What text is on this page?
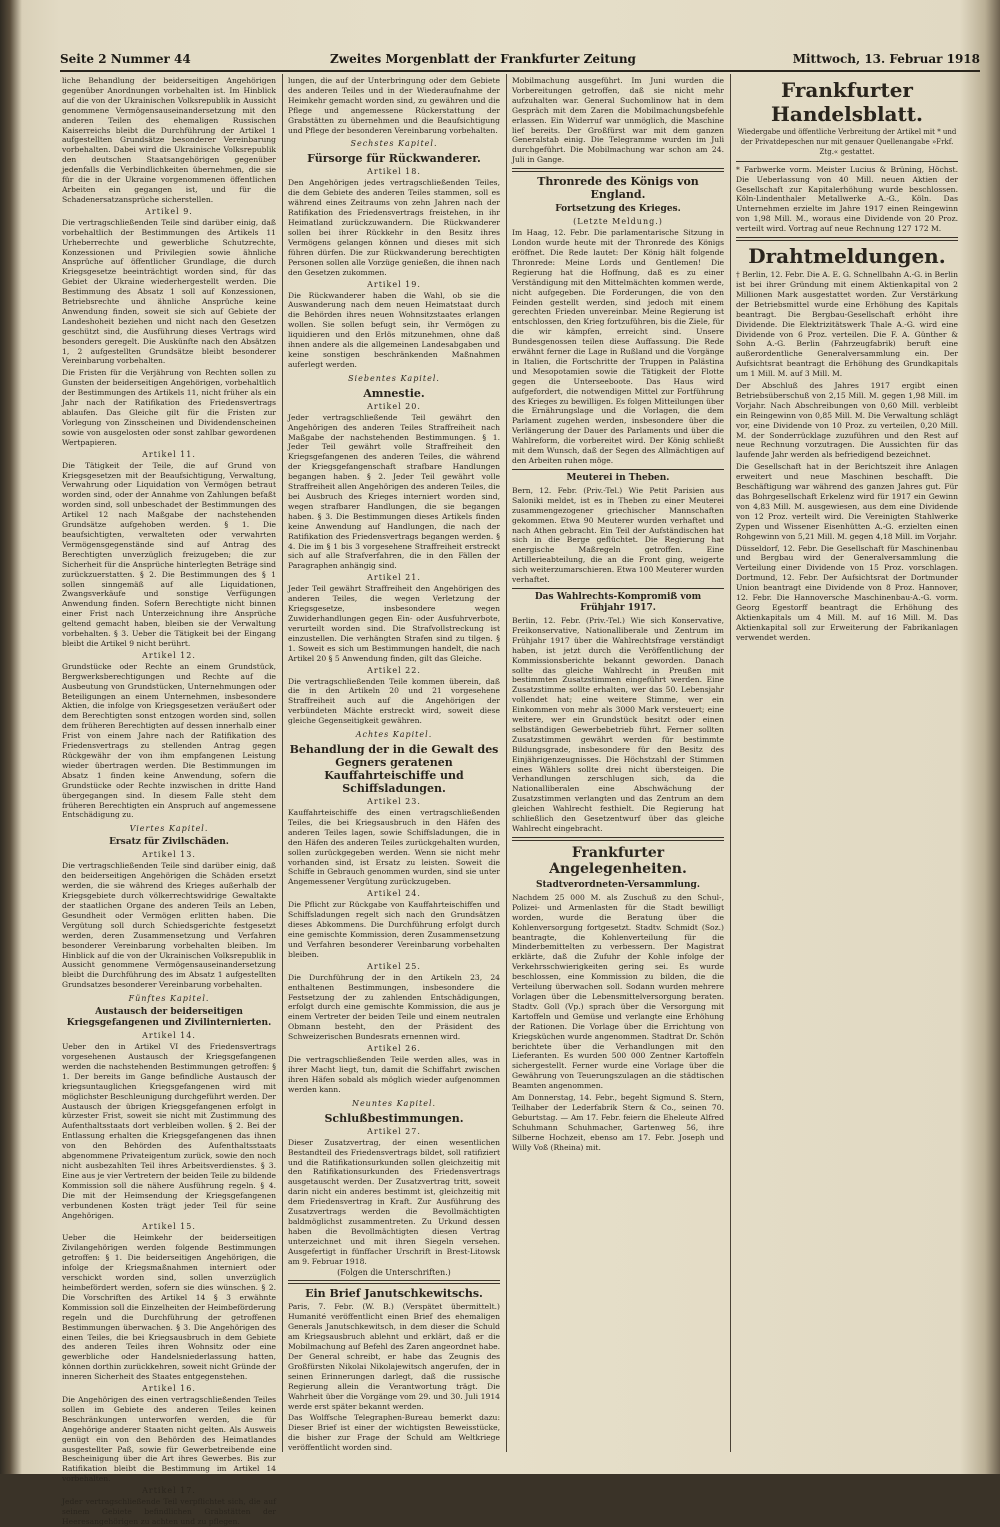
Seite 2 Nummer 44	Zweites Morgenblatt der Frankfurter Zeitung	Mittwoch, 13. Februar 1918

liche Behandlung der beiderseitigen Angehörigen gegenüber Anordnungen vorbehalten ist. Im Hinblick auf die von der Ukrainischen Volksrepublik in Aussicht genommene Vermögensauseinandersetzung mit den anderen Teilen des ehemaligen Russischen Kaiserreichs bleibt die Durchführung der Artikel 1 aufgestellten Grundsätze besonderer Vereinbarung vorbehalten. Dabei wird die Ukrainische Volksrepublik den deutschen Staatsangehörigen gegenüber jedenfalls die Verbindlichkeiten übernehmen, die sie für die in der Ukraine vorgenommenen öffentlichen Arbeiten ein gegangen ist, und für die Schadenersatzansprüche sicherstellen.

Artikel 9.

Die vertragschließenden Teile sind darüber einig, daß vorbehaltlich der Bestimmungen des Artikels 11 Urheberrechte und gewerbliche Schutzrechte, Konzessionen und Privilegien sowie ähnliche Ansprüche auf öffentlicher Grundlage, die durch Kriegsgesetze beeinträchtigt worden sind, für das Gebiet der Ukraine wiederhergestellt werden. Die Bestimmung des Absatz 1 soll auf Konzessionen, Betriebsrechte und ähnliche Ansprüche keine Anwendung finden, soweit sie sich auf Gebiete der Landeshoheit beziehen und nicht nach den Gesetzen geschützt sind, die Ausführung dieses Vertrags wird besonders geregelt. Die Auskünfte nach den Absätzen 1, 2 aufgestellten Grundsätze bleibt besonderer Vereinbarung vorbehalten.

Die Fristen für die Verjährung von Rechten sollen zu Gunsten der beiderseitigen Angehörigen, vorbehaltlich der Bestimmungen des Artikels 11, nicht früher als ein Jahr nach der Ratifikation des Friedensvertrags ablaufen. Das Gleiche gilt für die Fristen zur Vorlegung von Zinsscheinen und Dividendenscheinen sowie von ausgelosten oder sonst zahlbar gewordenen Wertpapieren.

Artikel 11.

Die Tätigkeit der Teile, die auf Grund von Kriegsgesetzen mit der Beaufsichtigung, Verwaltung, Verwahrung oder Liquidation von Vermögen betraut worden sind, oder der Annahme von Zahlungen befaßt worden sind, soll unbeschadet der Bestimmungen des Artikel 12 nach Maßgabe der nachstehenden Grundsätze aufgehoben werden. § 1. Die beaufsichtigten, verwalteten oder verwahrten Vermögensgegenstände sind auf Antrag des Berechtigten unverzüglich freizugeben; die zur Sicherheit für die Ansprüche hinterlegten Beträge sind zurückzuerstatten. § 2. Die Bestimmungen des § 1 sollen sinngemäß auf alle Liquidationen, Zwangsverkäufe und sonstige Verfügungen Anwendung finden. Sofern Berechtigte nicht binnen einer Frist nach Unterzeichnung ihre Ansprüche geltend gemacht haben, bleiben sie der Verwaltung vorbehalten. § 3. Ueber die Tätigkeit bei der Eingang bleibt die Artikel 9 nicht berührt.

Artikel 12.

Grundstücke oder Rechte an einem Grundstück, Bergwerksberechtigungen und Rechte auf die Ausbeutung von Grundstücken, Unternehmungen oder Beteiligungen an einem Unternehmen, insbesondere Aktien, die infolge von Kriegsgesetzen veräußert oder dem Berechtigten sonst entzogen worden sind, sollen dem früheren Berechtigten auf dessen innerhalb einer Frist von einem Jahre nach der Ratifikation des Friedensvertrags zu stellenden Antrag gegen Rückgewähr der von ihm empfangenen Leistung wieder übertragen werden. Die Bestimmungen im Absatz 1 finden keine Anwendung, sofern die Grundstücke oder Rechte inzwischen in dritte Hand übergegangen sind. In diesem Falle steht dem früheren Berechtigten ein Anspruch auf angemessene Entschädigung zu.

Viertes Kapitel.
Ersatz für Zivilschäden.
Artikel 13.

Die vertragschließenden Teile sind darüber einig, daß den beiderseitigen Angehörigen die Schäden ersetzt werden, die sie während des Krieges außerhalb der Kriegsgebiete durch völkerrechtswidrige Gewaltakte der staatlichen Organe des anderen Teils an Leben, Gesundheit oder Vermögen erlitten haben. Die Vergütung soll durch Schiedsgerichte festgesetzt werden, deren Zusammensetzung und Verfahren besonderer Vereinbarung vorbehalten bleiben. Im Hinblick auf die von der Ukrainischen Volksrepublik in Aussicht genommene Vermögensauseinandersetzung bleibt die Durchführung des im Absatz 1 aufgestellten Grundsatzes besonderer Vereinbarung vorbehalten.

Fünftes Kapitel.
Austausch der beiderseitigen Kriegsgefangenen und Zivilinternierten.
Artikel 14.

Ueber den in Artikel VI des Friedensvertrags vorgesehenen Austausch der Kriegsgefangenen werden die nachstehenden Bestimmungen getroffen: § 1. Der bereits im Gange befindliche Austausch der kriegsuntauglichen Kriegsgefangenen wird mit möglichster Beschleunigung durchgeführt werden. Der Austausch der übrigen Kriegsgefangenen erfolgt in kürzester Frist, soweit sie nicht mit Zustimmung des Aufenthaltsstaats dort verbleiben wollen. § 2. Bei der Entlassung erhalten die Kriegsgefangenen das ihnen von den Behörden des Aufenthaltsstaats abgenommene Privateigentum zurück, sowie den noch nicht ausbezahlten Teil ihres Arbeitsverdienstes. § 3. Eine aus je vier Vertretern der beiden Teile zu bildende Kommission soll die nähere Ausführung regeln. § 4. Die mit der Heimsendung der Kriegsgefangenen verbundenen Kosten trägt jeder Teil für seine Angehörigen.

Artikel 15.

Ueber die Heimkehr der beiderseitigen Zivilangehörigen werden folgende Bestimmungen getroffen: § 1. Die beiderseitigen Angehörigen, die infolge der Kriegsmaßnahmen interniert oder verschickt worden sind, sollen unverzüglich heimbefördert werden, sofern sie dies wünschen. § 2. Die Vorschriften des Artikel 14 § 3 erwähnte Kommission soll die Einzelheiten der Heimbeförderung regeln und die Durchführung der getroffenen Bestimmungen überwachen. § 3. Die Angehörigen des einen Teiles, die bei Kriegsausbruch in dem Gebiete des anderen Teiles ihren Wohnsitz oder eine gewerbliche oder Handelsniederlassung hatten, können dorthin zurückkehren, soweit nicht Gründe der inneren Sicherheit des Staates entgegenstehen.

Artikel 16.

Die Angehörigen des einen vertragschließenden Teiles sollen im Gebiete des anderen Teiles keinen Beschränkungen unterworfen werden, die für Angehörige anderer Staaten nicht gelten. Als Ausweis genügt ein von den Behörden des Heimatlandes ausgestellter Paß, sowie für Gewerbetreibende eine Bescheinigung über die Art ihres Gewerbes. Bis zur Ratifikation bleibt die Bestimmung im Artikel 14 vorbehalten.

Artikel 17.

Jeder vertragschließende Teil verpflichtet sich, die auf seinem Gebiete befindlichen Grabstätten der Heeresangehörigen zu achten und zu pflegen.

lungen, die auf der Unterbringung oder dem Gebiete des anderen Teiles und in der Wiederaufnahme der Heimkehr gemacht worden sind, zu gewähren und die Pflege und angemessene Rückerstattung der Grabstätten zu übernehmen und die Beaufsichtigung und Pflege der besonderen Vereinbarung vorbehalten.

Sechstes Kapitel.
Fürsorge für Rückwanderer.
Artikel 18.

Den Angehörigen jedes vertragschließenden Teiles, die dem Gebiete des anderen Teiles stammen, soll es während eines Zeitraums von zehn Jahren nach der Ratifikation des Friedensvertrags freistehen, in ihr Heimatland zurückzuwandern. Die Rückwanderer sollen bei ihrer Rückkehr in den Besitz ihres Vermögens gelangen können und dieses mit sich führen dürfen. Die zur Rückwanderung berechtigten Personen sollen alle Vorzüge genießen, die ihnen nach den Gesetzen zukommen.

Artikel 19.

Die Rückwanderer haben die Wahl, ob sie die Auswanderung nach dem neuen Heimatstaat durch die Behörden ihres neuen Wohnsitzstaates erlangen wollen. Sie sollen befugt sein, ihr Vermögen zu liquidieren und den Erlös mitzunehmen, ohne daß ihnen andere als die allgemeinen Landesabgaben und keine sonstigen beschränkenden Maßnahmen auferlegt werden.

Siebentes Kapitel.
Amnestie.
Artikel 20.

Jeder vertragschließende Teil gewährt den Angehörigen des anderen Teiles Straffreiheit nach Maßgabe der nachstehenden Bestimmungen. § 1. Jeder Teil gewährt volle Straffreiheit den Kriegsgefangenen des anderen Teiles, die während der Kriegsgefangenschaft strafbare Handlungen begangen haben. § 2. Jeder Teil gewährt volle Straffreiheit allen Angehörigen des anderen Teiles, die bei Ausbruch des Krieges interniert worden sind, wegen strafbarer Handlungen, die sie begangen haben. § 3. Die Bestimmungen dieses Artikels finden keine Anwendung auf Handlungen, die nach der Ratifikation des Friedensvertrags begangen werden. § 4. Die im § 1 bis 3 vorgesehene Straffreiheit erstreckt sich auf alle Strafverfahren, die in den Fällen der Paragraphen anhängig sind.

Artikel 21.

Jeder Teil gewährt Straffreiheit den Angehörigen des anderen Teiles, die wegen Verletzung der Kriegsgesetze, insbesondere wegen Zuwiderhandlungen gegen Ein- oder Ausfuhrverbote, verurteilt worden sind. Die Strafvollstreckung ist einzustellen. Die verhängten Strafen sind zu tilgen. § 1. Soweit es sich um Bestimmungen handelt, die nach Artikel 20 § 5 Anwendung finden, gilt das Gleiche.

Artikel 22.

Die vertragschließenden Teile kommen überein, daß die in den Artikeln 20 und 21 vorgesehene Straffreiheit auch auf die Angehörigen der verbündeten Mächte erstreckt wird, soweit diese gleiche Gegenseitigkeit gewähren.

Achtes Kapitel.
Behandlung der in die Gewalt des Gegners geratenen Kauffahrteischiffe und Schiffsladungen.
Artikel 23.

Kauffahrteischiffe des einen vertragschließenden Teiles, die bei Kriegsausbruch in den Häfen des anderen Teiles lagen, sowie Schiffsladungen, die in den Häfen des anderen Teiles zurückgehalten wurden, sollen zurückgegeben werden. Wenn sie nicht mehr vorhanden sind, ist Ersatz zu leisten. Soweit die Schiffe in Gebrauch genommen wurden, sind sie unter Angemessener Vergütung zurückzugeben.

Artikel 24.

Die Pflicht zur Rückgabe von Kauffahrteischiffen und Schiffsladungen regelt sich nach den Grundsätzen dieses Abkommens. Die Durchführung erfolgt durch eine gemischte Kommission, deren Zusammensetzung und Verfahren besonderer Vereinbarung vorbehalten bleiben.

Artikel 25.

Die Durchführung der in den Artikeln 23, 24 enthaltenen Bestimmungen, insbesondere die Festsetzung der zu zahlenden Entschädigungen, erfolgt durch eine gemischte Kommission, die aus je einem Vertreter der beiden Teile und einem neutralen Obmann besteht, den der Präsident des Schweizerischen Bundesrats ernennen wird.

Artikel 26.

Die vertragschließenden Teile werden alles, was in ihrer Macht liegt, tun, damit die Schiffahrt zwischen ihren Häfen sobald als möglich wieder aufgenommen werden kann.

Neuntes Kapitel.
Schlußbestimmungen.
Artikel 27.

Dieser Zusatzvertrag, der einen wesentlichen Bestandteil des Friedensvertrags bildet, soll ratifiziert und die Ratifikationsurkunden sollen gleichzeitig mit den Ratifikationsurkunden des Friedensvertrags ausgetauscht werden. Der Zusatzvertrag tritt, soweit darin nicht ein anderes bestimmt ist, gleichzeitig mit dem Friedensvertrag in Kraft. Zur Ausführung des Zusatzvertrags werden die Bevollmächtigten baldmöglichst zusammentreten. Zu Urkund dessen haben die Bevollmächtigten diesen Vertrag unterzeichnet und mit ihren Siegeln versehen. Ausgefertigt in fünffacher Urschrift in Brest-Litowsk am 9. Februar 1918.

(Folgen die Unterschriften.)
Ein Brief Janutschkewitschs.

Paris, 7. Febr. (W. B.) (Verspätet übermittelt.) Humanité veröffentlicht einen Brief des ehemaligen Generals Janutschkewitsch, in dem dieser die Schuld am Kriegsausbruch ablehnt und erklärt, daß er die Mobilmachung auf Befehl des Zaren angeordnet habe. Der General schreibt, er habe das Zeugnis des Großfürsten Nikolai Nikolajewitsch angerufen, der in seinen Erinnerungen darlegt, daß die russische Regierung allein die Verantwortung trägt. Die Wahrheit über die Vorgänge vom 29. und 30. Juli 1914 werde erst später bekannt werden.

Das Wolffsche Telegraphen-Bureau bemerkt dazu: Dieser Brief ist einer der wichtigsten Beweisstücke, die bisher zur Frage der Schuld am Weltkriege veröffentlicht worden sind.

Mobilmachung ausgeführt. Im Juni wurden die Vorbereitungen getroffen, daß sie nicht mehr aufzuhalten war. General Suchomlinow hat in dem Gespräch mit dem Zaren die Mobilmachungsbefehle erlassen. Ein Widerruf war unmöglich, die Maschine lief bereits. Der Großfürst war mit dem ganzen Generalstab einig. Die Telegramme wurden im Juli durchgeführt. Die Mobilmachung war schon am 24. Juli in Gange.

Thronrede des Königs von England.
Fortsetzung des Krieges.
(Letzte Meldung.)

Im Haag, 12. Febr. Die parlamentarische Sitzung in London wurde heute mit der Thronrede des Königs eröffnet. Die Rede lautet: Der König hält folgende Thronrede: Meine Lords und Gentlemen! Die Regierung hat die Hoffnung, daß es zu einer Verständigung mit den Mittelmächten kommen werde, nicht aufgegeben. Die Forderungen, die von den Feinden gestellt werden, sind jedoch mit einem gerechten Frieden unvereinbar. Meine Regierung ist entschlossen, den Krieg fortzuführen, bis die Ziele, für die wir kämpfen, erreicht sind. Unsere Bundesgenossen teilen diese Auffassung. Die Rede erwähnt ferner die Lage in Rußland und die Vorgänge in Italien, die Fortschritte der Truppen in Palästina und Mesopotamien sowie die Tätigkeit der Flotte gegen die Unterseeboote. Das Haus wird aufgefordert, die notwendigen Mittel zur Fortführung des Krieges zu bewilligen. Es folgen Mitteilungen über die Ernährungslage und die Vorlagen, die dem Parlament zugehen werden, insbesondere über die Verlängerung der Dauer des Parlaments und über die Wahlreform, die vorbereitet wird. Der König schließt mit dem Wunsch, daß der Segen des Allmächtigen auf den Arbeiten ruhen möge.

Meuterei in Theben.

Bern, 12. Febr. (Priv.-Tel.) Wie Petit Parisien aus Saloniki meldet, ist es in Theben zu einer Meuterei zusammengezogener griechischer Mannschaften gekommen. Etwa 90 Meuterer wurden verhaftet und nach Athen gebracht. Ein Teil der Aufständischen hat sich in die Berge geflüchtet. Die Regierung hat energische Maßregeln getroffen. Eine Artillerieabteilung, die an die Front ging, weigerte sich weiterzumarschieren. Etwa 100 Meuterer wurden verhaftet.

Das Wahlrechts-Kompromiß vom Frühjahr 1917.

Berlin, 12. Febr. (Priv.-Tel.) Wie sich Konservative, Freikonservative, Nationalliberale und Zentrum im Frühjahr 1917 über die Wahlrechtsfrage verständigt haben, ist jetzt durch die Veröffentlichung der Kommissionsberichte bekannt geworden. Danach sollte das gleiche Wahlrecht in Preußen mit bestimmten Zusatzstimmen eingeführt werden. Eine Zusatzstimme sollte erhalten, wer das 50. Lebensjahr vollendet hat; eine weitere Stimme, wer ein Einkommen von mehr als 3000 Mark versteuert; eine weitere, wer ein Grundstück besitzt oder einen selbständigen Gewerbebetrieb führt. Ferner sollten Zusatzstimmen gewährt werden für bestimmte Bildungsgrade, insbesondere für den Besitz des Einjährigenzeugnisses. Die Höchstzahl der Stimmen eines Wählers sollte drei nicht übersteigen. Die Verhandlungen zerschlugen sich, da die Nationalliberalen eine Abschwächung der Zusatzstimmen verlangten und das Zentrum an dem gleichen Wahlrecht festhielt. Die Regierung hat schließlich den Gesetzentwurf über das gleiche Wahlrecht eingebracht.

Frankfurter Angelegenheiten.
Stadtverordneten-Versammlung.

Nachdem 25 000 M. als Zuschuß zu den Schul-, Polizei- und Armenlasten für die Stadt bewilligt worden, wurde die Beratung über die Kohlenversorgung fortgesetzt. Stadtv. Schmidt (Soz.) beantragte, die Kohlenverteilung für die Minderbemittelten zu verbessern. Der Magistrat erklärte, daß die Zufuhr der Kohle infolge der Verkehrsschwierigkeiten gering sei. Es wurde beschlossen, eine Kommission zu bilden, die die Verteilung überwachen soll. Sodann wurden mehrere Vorlagen über die Lebensmittelversorgung beraten. Stadtv. Goll (Vp.) sprach über die Versorgung mit Kartoffeln und Gemüse und verlangte eine Erhöhung der Rationen. Die Vorlage über die Errichtung von Kriegsküchen wurde angenommen. Stadtrat Dr. Schön berichtete über die Verhandlungen mit den Lieferanten. Es wurden 500 000 Zentner Kartoffeln sichergestellt. Ferner wurde eine Vorlage über die Gewährung von Teuerungszulagen an die städtischen Beamten angenommen.

Am Donnerstag, 14. Febr., begeht Sigmund S. Stern, Teilhaber der Lederfabrik Stern & Co., seinen 70. Geburtstag. — Am 17. Febr. feiern die Eheleute Alfred Schuhmann Schuhmacher, Gartenweg 56, ihre Silberne Hochzeit, ebenso am 17. Febr. Joseph und Willy Voß (Rheina) mit.

Frankfurter Handelsblatt.

Wiedergabe und öffentliche Verbreitung der Artikel mit * und der Privatdepeschen nur mit genauer Quellenangabe »Frkf. Ztg.« gestattet.

* Farbwerke vorm. Meister Lucius & Brüning, Höchst. Die Ueberlassung von 40 Mill. neuen Aktien der Gesellschaft zur Kapitalerhöhung wurde beschlossen. Köln-Lindenthaler Metallwerke A.-G., Köln. Das Unternehmen erzielte im Jahre 1917 einen Reingewinn von 1,98 Mill. M., woraus eine Dividende von 20 Proz. verteilt wird. Vortrag auf neue Rechnung 127 172 M.

Drahtmeldungen.

† Berlin, 12. Febr. Die A. E. G. Schnellbahn A.-G. in Berlin ist bei ihrer Gründung mit einem Aktienkapital von 2 Millionen Mark ausgestattet worden. Zur Verstärkung der Betriebsmittel wurde eine Erhöhung des Kapitals beantragt. Die Bergbau-Gesellschaft erhöht ihre Dividende. Die Elektrizitätswerk Thale A.-G. wird eine Dividende von 6 Proz. verteilen. Die F. A. Günther & Sohn A.-G. Berlin (Fahrzeugfabrik) beruft eine außerordentliche Generalversammlung ein. Der Aufsichtsrat beantragt die Erhöhung des Grundkapitals um 1 Mill. M. auf 3 Mill. M.

Der Abschluß des Jahres 1917 ergibt einen Betriebsüberschuß von 2,15 Mill. M. gegen 1,98 Mill. im Vorjahr. Nach Abschreibungen von 0,60 Mill. verbleibt ein Reingewinn von 0,85 Mill. M. Die Verwaltung schlägt vor, eine Dividende von 10 Proz. zu verteilen, 0,20 Mill. M. der Sonderrücklage zuzuführen und den Rest auf neue Rechnung vorzutragen. Die Aussichten für das laufende Jahr werden als befriedigend bezeichnet.

Die Gesellschaft hat in der Berichtszeit ihre Anlagen erweitert und neue Maschinen beschafft. Die Beschäftigung war während des ganzen Jahres gut. Für das Bohrgesellschaft Erkelenz wird für 1917 ein Gewinn von 4,83 Mill. M. ausgewiesen, aus dem eine Dividende von 12 Proz. verteilt wird. Die Vereinigten Stahlwerke Zypen und Wissener Eisenhütten A.-G. erzielten einen Rohgewinn von 5,21 Mill. M. gegen 4,18 Mill. im Vorjahr.

Düsseldorf, 12. Febr. Die Gesellschaft für Maschinenbau und Bergbau wird der Generalversammlung die Verteilung einer Dividende von 15 Proz. vorschlagen. Dortmund, 12. Febr. Der Aufsichtsrat der Dortmunder Union beantragt eine Dividende von 8 Proz. Hannover, 12. Febr. Die Hannoversche Maschinenbau-A.-G. vorm. Georg Egestorff beantragt die Erhöhung des Aktienkapitals um 4 Mill. M. auf 16 Mill. M. Das Aktienkapital soll zur Erweiterung der Fabrikanlagen verwendet werden.
